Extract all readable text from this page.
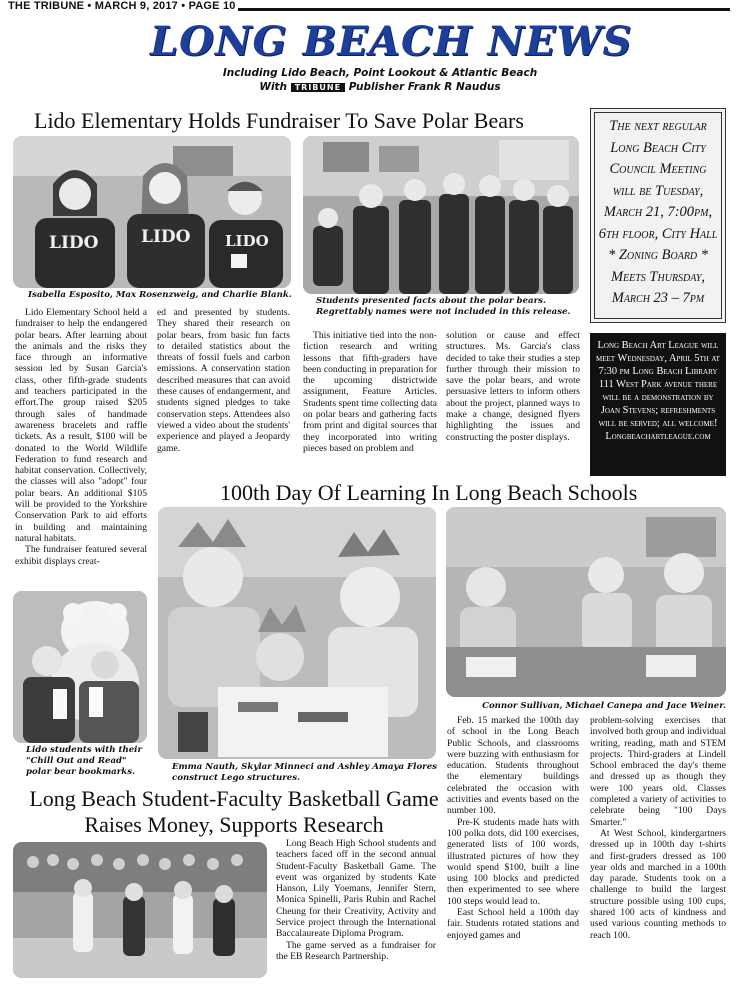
THE TRIBUNE • MARCH 9, 2017 • PAGE 10
LONG BEACH NEWS
Including Lido Beach, Point Lookout & Atlantic Beach
With TRIBUNE Publisher Frank R Naudus
Lido Elementary Holds Fundraiser To Save Polar Bears
LIDO	LIDO LIDO
Isabella Esposito, Max Rosenzweig, and Charlie Blank.
Students presented facts about the polar bears. Regrettably names were not included in this release.

Lido Elementary School held a fundraiser to help the endangered polar bears. After learning about the animals and the risks they face through an informative session led by Susan Garcia's class, other fifth-grade students and teachers participated in the effort.The group raised $205 through sales of handmade awareness bracelets and raffle tickets. As a result, $100 will be donated to the World Wildlife Federation to fund research and habitat conservation. Collectively, the classes will also "adopt" four polar bears. An additional $105 will be provided to the Yorkshire Conservation Park to aid efforts in building and maintaining natural habitats.

The fundraiser featured several exhibit displays creat-

ed and presented by students. They shared their research on polar bears, from basic fun facts to detailed statistics about the threats of fossil fuels and carbon emissions. A conservation station described measures that can avoid these causes of endangerment, and students signed pledges to take conservation steps. Attendees also viewed a video about the students' experience and played a Jeopardy game.

This initiative tied into the non-fiction research and writing lessons that fifth-graders have been conducting in preparation for the upcoming districtwide assignment, Feature Articles. Students spent time collecting data on polar bears and gathering facts from print and digital sources that they incorporated into writing pieces based on problem and

solution or cause and effect structures. Ms. Garcia's class decided to take their studies a step further through their mission to save the polar bears, and wrote persuasive letters to inform others about the project, planned ways to make a change, designed flyers highlighting the issues and constructing the poster displays.

The next regular
Long Beach City
Council Meeting
will be Tuesday,
March 21, 7:00pm,
6th floor, City Hall
* Zoning Board *
Meets Thursday,
March 23 – 7pm
Long Beach Art League will meet Wednesday, April 5th at 7:30 pm Long Beach Library 111 West Park avenue there will be a demonstration by Joan Stevens; refreshments will be served; all welcome! Longbeachartleague.com
100th Day Of Learning In Long Beach Schools
Lido students with their "Chill Out and Read" polar bear bookmarks.	Emma Nauth, Skylar Minneci and Ashley Amaya Flores construct Lego structures.
Connor Sullivan, Michael Canepa and Jace Weiner.

Feb. 15 marked the 100th day of school in the Long Beach Public Schools, and classrooms were buzzing with enthusiasm for education. Students throughout the elementary buildings celebrated the occasion with activities and events based on the number 100.

Pre-K students made hats with 100 polka dots, did 100 exercises, generated lists of 100 words, illustrated pictures of how they would spend $100, built a line using 100 blocks and predicted then experimented to see where 100 steps would lead to.

East School held a 100th day fair. Students rotated stations and enjoyed games and

problem-solving exercises that involved both group and individual writing, reading, math and STEM projects. Third-graders at Lindell School embraced the day's theme and dressed up as though they were 100 years old. Classes completed a variety of activities to celebrate being "100 Days Smarter."

At West School, kindergartners dressed up in 100th day t-shirts and first-graders dressed as 100 year olds and marched in a 100th day parade. Students took on a challenge to build the largest structure possible using 100 cups, shared 100 acts of kindness and used various counting methods to reach 100.

Long Beach Student-Faculty Basketball Game
Raises Money, Supports Research

Long Beach High School students and teachers faced off in the second annual Student-Faculty Basketball Game. The event was organized by students Kate Hanson, Lily Yoemans, Jennifer Stern, Monica Spinelli, Paris Rubin and Rachel Cheung for their Creativity, Activity and Service project through the International Baccalaureate Diploma Program.

The game served as a fundraiser for the EB Research Partnership.
